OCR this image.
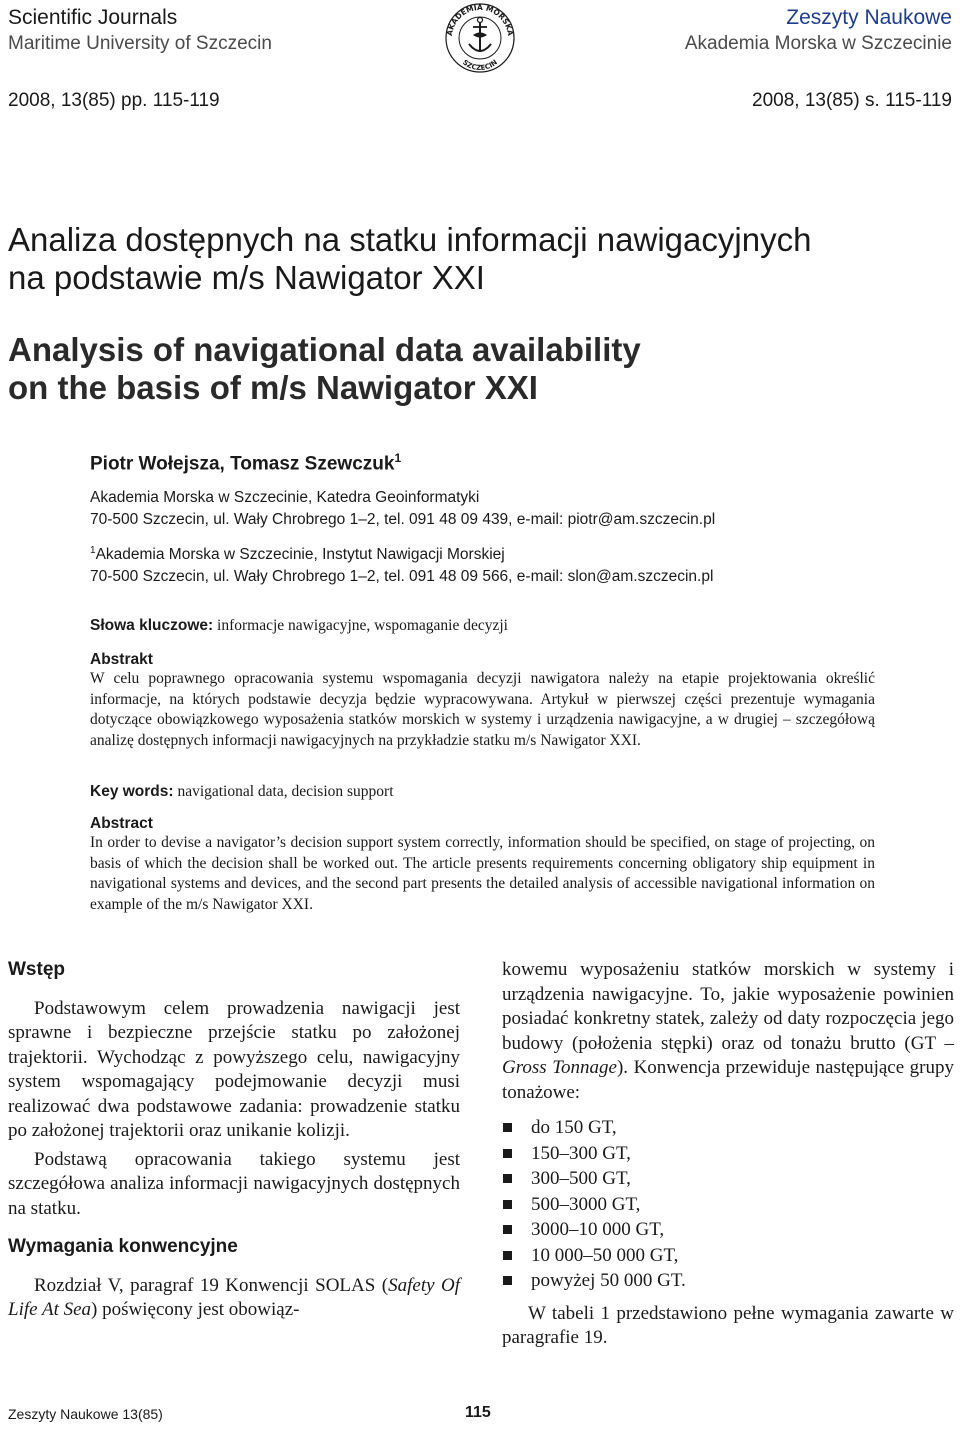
Scientific Journals
Maritime University of Szczecin
AKADEMIA MORSKA
SZCZECIN
Zeszyty Naukowe
Akademia Morska w Szczecinie
2008, 13(85) pp. 115-119	2008, 13(85) s. 115-119
Analiza dostępnych na statku informacji nawigacyjnych
na podstawie m/s Nawigator XXI
Analysis of navigational data availability
on the basis of m/s Nawigator XXI
Piotr Wołejsza, Tomasz Szewczuk$^1$
Akademia Morska w Szczecinie, Katedra Geoinformatyki
70-500 Szczecin, ul. Wały Chrobrego 1–2, tel. 091 48 09 439, e-mail: piotr@am.szczecin.pl
$^1$Akademia Morska w Szczecinie, Instytut Nawigacji Morskiej
70-500 Szczecin, ul. Wały Chrobrego 1–2, tel. 091 48 09 566, e-mail: slon@am.szczecin.pl
Słowa kluczowe: informacje nawigacyjne, wspomaganie decyzji
Abstrakt
W celu poprawnego opracowania systemu wspomagania decyzji nawigatora należy na etapie projektowania określić informacje, na których podstawie decyzja będzie wypracowywana. Artykuł w pierwszej części prezentuje wymagania dotyczące obowiązkowego wyposażenia statków morskich w systemy i urządzenia nawigacyjne, a w drugiej – szczegółową analizę dostępnych informacji nawigacyjnych na przykładzie statku m/s Nawigator XXI.
Key words: navigational data, decision support
Abstract
In order to devise a navigator’s decision support system correctly, information should be specified, on stage of projecting, on basis of which the decision shall be worked out. The article presents requirements concerning obligatory ship equipment in navigational systems and devices, and the second part presents the detailed analysis of accessible navigational information on example of the m/s Nawigator XXI.
Wstęp

Podstawowym celem prowadzenia nawigacji jest sprawne i bezpieczne przejście statku po założonej trajektorii. Wychodząc z powyższego celu, nawigacyjny system wspomagający podejmowanie decyzji musi realizować dwa podstawowe zadania: prowadzenie statku po założonej trajektorii oraz unikanie kolizji.

Podstawą opracowania takiego systemu jest szczegółowa analiza informacji nawigacyjnych dostępnych na statku.

Wymagania konwencyjne

Rozdział V, paragraf 19 Konwencji SOLAS (Safety Of Life At Sea) poświęcony jest obowiąz-

kowemu wyposażeniu statków morskich w systemy i urządzenia nawigacyjne. To, jakie wyposażenie powinien posiadać konkretny statek, zależy od daty rozpoczęcia jego budowy (położenia stępki) oraz od tonażu brutto (GT – Gross Tonnage). Konwencja przewiduje następujące grupy tonażowe:

do 150 GT,
150–300 GT,
300–500 GT,
500–3000 GT,
3000–10 000 GT,
10 000–50 000 GT,
powyżej 50 000 GT.

W tabeli 1 przedstawiono pełne wymagania zawarte w paragrafie 19.

Zeszyty Naukowe 13(85)	115
